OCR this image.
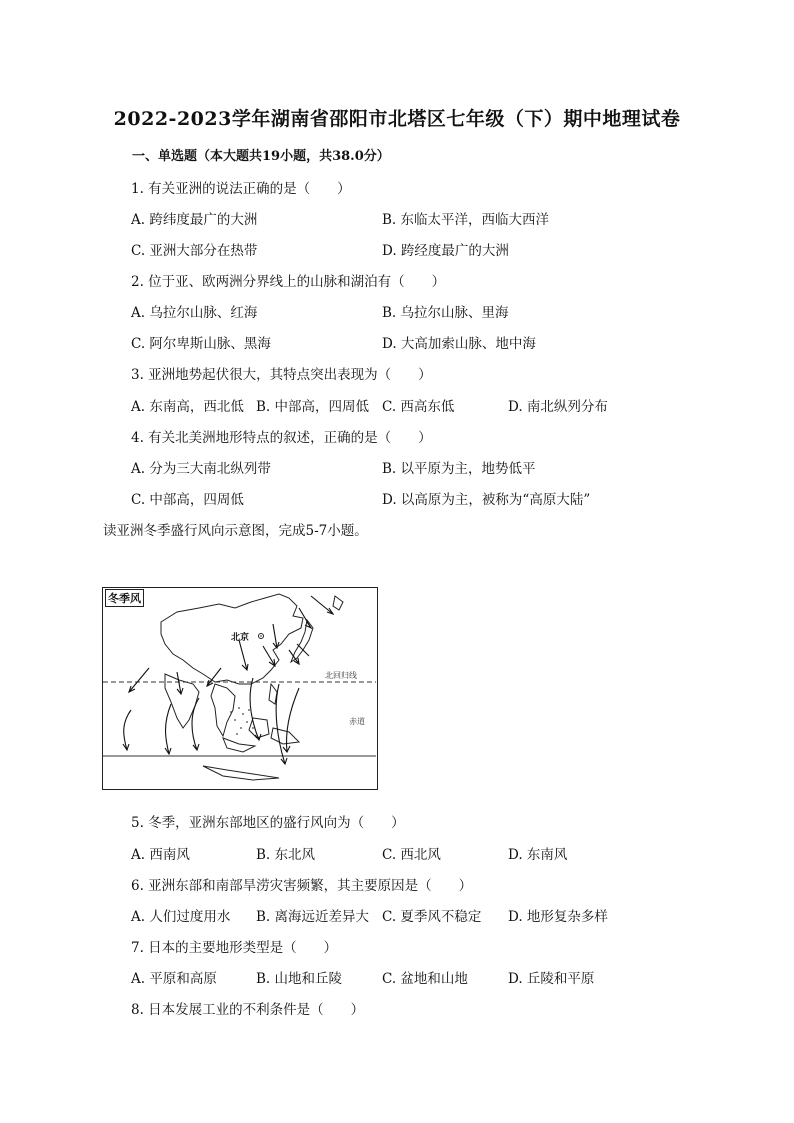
2022-2023学年湖南省邵阳市北塔区七年级（下）期中地理试卷
一、单选题（本大题共19小题，共38.0分）
1. 有关亚洲的说法正确的是（　　）
A. 跨纬度最广的大洲	B. 东临太平洋，西临大西洋
C. 亚洲大部分在热带	D. 跨经度最广的大洲
2. 位于亚、欧两洲分界线上的山脉和湖泊有（　　）
A. 乌拉尔山脉、红海	B. 乌拉尔山脉、里海
C. 阿尔卑斯山脉、黑海	D. 大高加索山脉、地中海
3. 亚洲地势起伏很大，其特点突出表现为（　　）
A. 东南高，西北低 B. 中部高，四周低 C. 西高东低	D. 南北纵列分布
4. 有关北美洲地形特点的叙述，正确的是（　　）
A. 分为三大南北纵列带	B. 以平原为主，地势低平
C. 中部高，四周低	D. 以高原为主，被称为“高原大陆”
读亚洲冬季盛行风向示意图，完成5-7小题。
冬季风
北京
北回归线
赤道
5. 冬季，亚洲东部地区的盛行风向为（　　）
A. 西南风	B. 东北风	C. 西北风	D. 东南风
6. 亚洲东部和南部旱涝灾害频繁，其主要原因是（　　）
A. 人们过度用水 B. 离海远近差异大 C. 夏季风不稳定 D. 地形复杂多样
7. 日本的主要地形类型是（　　）
A. 平原和高原	B. 山地和丘陵	C. 盆地和山地	D. 丘陵和平原
8. 日本发展工业的不利条件是（　　）
